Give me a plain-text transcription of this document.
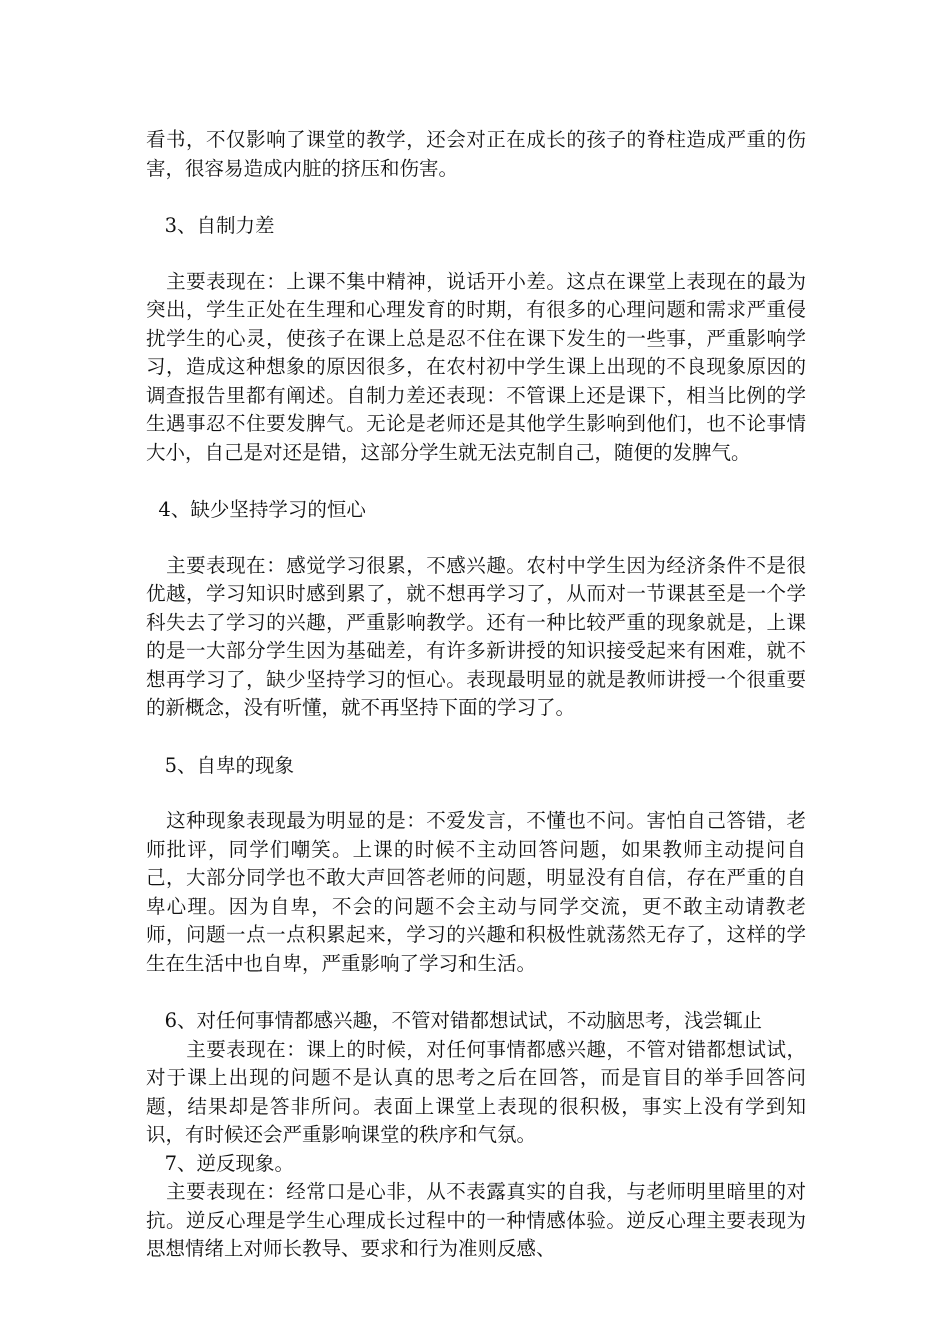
看书，不仅影响了课堂的教学，还会对正在成长的孩子的脊柱造成严重的伤害，很容易造成内脏的挤压和伤害。

3、自制力差

主要表现在：上课不集中精神，说话开小差。这点在课堂上表现在的最为突出，学生正处在生理和心理发育的时期，有很多的心理问题和需求严重侵扰学生的心灵，使孩子在课上总是忍不住在课下发生的一些事，严重影响学习，造成这种想象的原因很多，在农村初中学生课上出现的不良现象原因的调查报告里都有阐述。自制力差还表现：不管课上还是课下，相当比例的学生遇事忍不住要发脾气。无论是老师还是其他学生影响到他们，也不论事情大小，自己是对还是错，这部分学生就无法克制自己，随便的发脾气。

4、缺少坚持学习的恒心

主要表现在：感觉学习很累，不感兴趣。农村中学生因为经济条件不是很优越，学习知识时感到累了，就不想再学习了，从而对一节课甚至是一个学科失去了学习的兴趣，严重影响教学。还有一种比较严重的现象就是，上课的是一大部分学生因为基础差，有许多新讲授的知识接受起来有困难，就不想再学习了，缺少坚持学习的恒心。表现最明显的就是教师讲授一个很重要的新概念，没有听懂，就不再坚持下面的学习了。

5、自卑的现象

这种现象表现最为明显的是：不爱发言，不懂也不问。害怕自己答错，老师批评，同学们嘲笑。上课的时候不主动回答问题，如果教师主动提问自己，大部分同学也不敢大声回答老师的问题，明显没有自信，存在严重的自卑心理。因为自卑，不会的问题不会主动与同学交流，更不敢主动请教老师，问题一点一点积累起来，学习的兴趣和积极性就荡然无存了，这样的学生在生活中也自卑，严重影响了学习和生活。

6、对任何事情都感兴趣，不管对错都想试试，不动脑思考，浅尝辄止

主要表现在：课上的时候，对任何事情都感兴趣，不管对错都想试试，对于课上出现的问题不是认真的思考之后在回答，而是盲目的举手回答问题，结果却是答非所问。表面上课堂上表现的很积极，事实上没有学到知识，有时候还会严重影响课堂的秩序和气氛。

7、逆反现象。

主要表现在：经常口是心非，从不表露真实的自我，与老师明里暗里的对抗。逆反心理是学生心理成长过程中的一种情感体验。逆反心理主要表现为思想情绪上对师长教导、要求和行为准则反感、
